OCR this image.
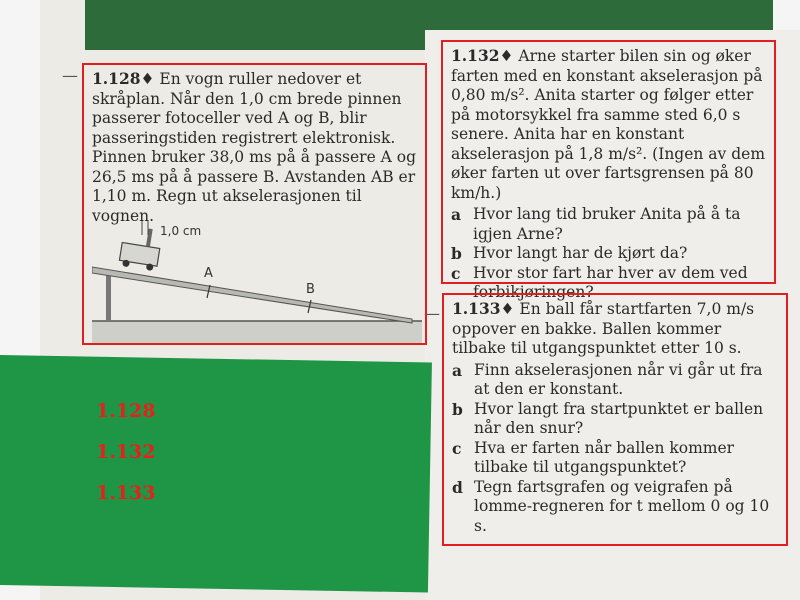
—
—

1.128♦ En vogn ruller nedover et skråplan. Når den 1,0 cm brede pinnen passerer fotoceller ved A og B, blir passeringstiden registrert elektronisk. Pinnen bruker 38,0 ms på å passere A og 26,5 ms på å passere B. Avstanden AB er 1,10 m. Regn ut akselerasjonen til vognen.

1,0 cm
A
B

1.132♦ Arne starter bilen sin og øker farten med en konstant akselerasjon på 0,80 m/s². Anita starter og følger etter på motorsykkel fra samme sted 6,0 s senere. Anita har en konstant akselerasjon på 1,8 m/s². (Ingen av dem øker farten ut over fartsgrensen på 80 km/h.)

a Hvor lang tid bruker Anita på å ta igjen Arne?
b Hvor langt har de kjørt da?
c Hvor stor fart har hver av dem ved forbikjøringen?

1.133♦ En ball får startfarten 7,0 m/s oppover en bakke. Ballen kommer tilbake til utgangspunktet etter 10 s.

a Finn akselerasjonen når vi går ut fra at den er konstant.
b Hvor langt fra startpunktet er ballen når den snur?
c Hva er farten når ballen kommer tilbake til utgangspunktet?
d Tegn fartsgrafen og veigrafen på lomme-regneren for t mellom 0 og 10 s.
1.128
1.132
1.133
